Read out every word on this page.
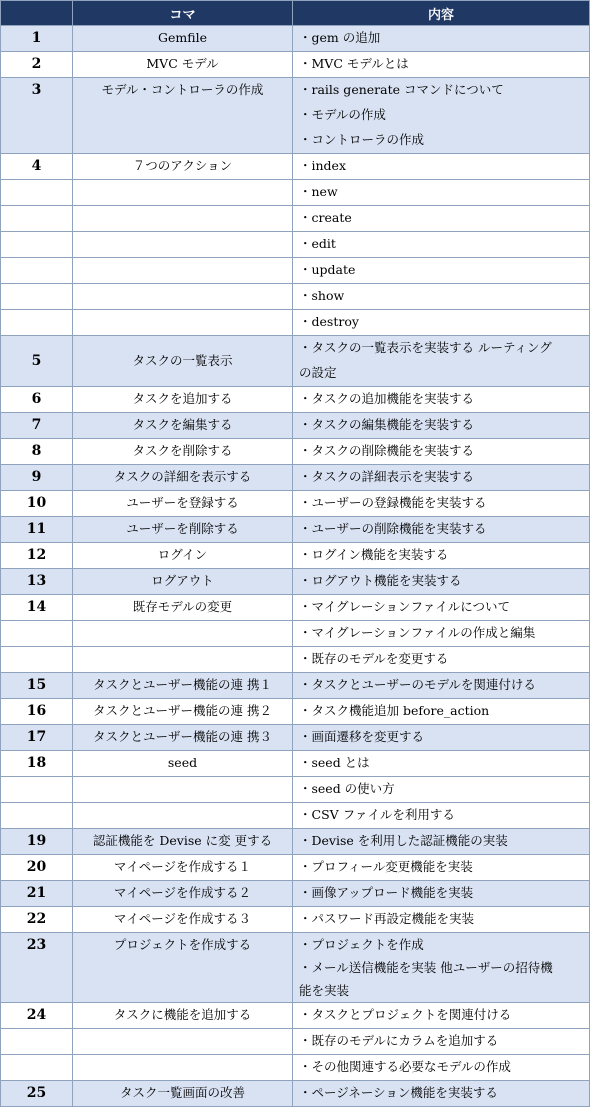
	コマ	内容
1	Gemfile	・gem の追加

2	MVC モデル	・MVC モデルとは

3	モデル・コントローラの作成	・rails generate コマンドについて
・モデルの作成
・コントローラの作成

4	７つのアクション	・index

		・new

		・create

		・edit

		・update

		・show

		・destroy

5	タスクの一覧表示	・タスクの一覧表示を実装する ルーティング
の設定

6	タスクを追加する	・タスクの追加機能を実装する

7	タスクを編集する	・タスクの編集機能を実装する

8	タスクを削除する	・タスクの削除機能を実装する

9	タスクの詳細を表示する	・タスクの詳細表示を実装する

10	ユーザーを登録する	・ユーザーの登録機能を実装する

11	ユーザーを削除する	・ユーザーの削除機能を実装する

12	ログイン	・ログイン機能を実装する

13	ログアウト	・ログアウト機能を実装する

14	既存モデルの変更	・マイグレーションファイルについて

		・マイグレーションファイルの作成と編集

		・既存のモデルを変更する

15	タスクとユーザー機能の連 携１	・タスクとユーザーのモデルを関連付ける

16	タスクとユーザー機能の連 携２	・タスク機能追加 before_action

17	タスクとユーザー機能の連 携３	・画面遷移を変更する

18	seed	・seed とは

		・seed の使い方

		・CSV ファイルを利用する

19	認証機能を Devise に変 更する	・Devise を利用した認証機能の実装

20	マイページを作成する１	・プロフィール変更機能を実装

21	マイページを作成する２	・画像アップロード機能を実装

22	マイページを作成する３	・パスワード再設定機能を実装

23	プロジェクトを作成する	・プロジェクトを作成
・メール送信機能を実装 他ユーザーの招待機
能を実装

24	タスクに機能を追加する	・タスクとプロジェクトを関連付ける

		・既存のモデルにカラムを追加する

		・その他関連する必要なモデルの作成

25	タスク一覧画面の改善	・ページネーション機能を実装する
